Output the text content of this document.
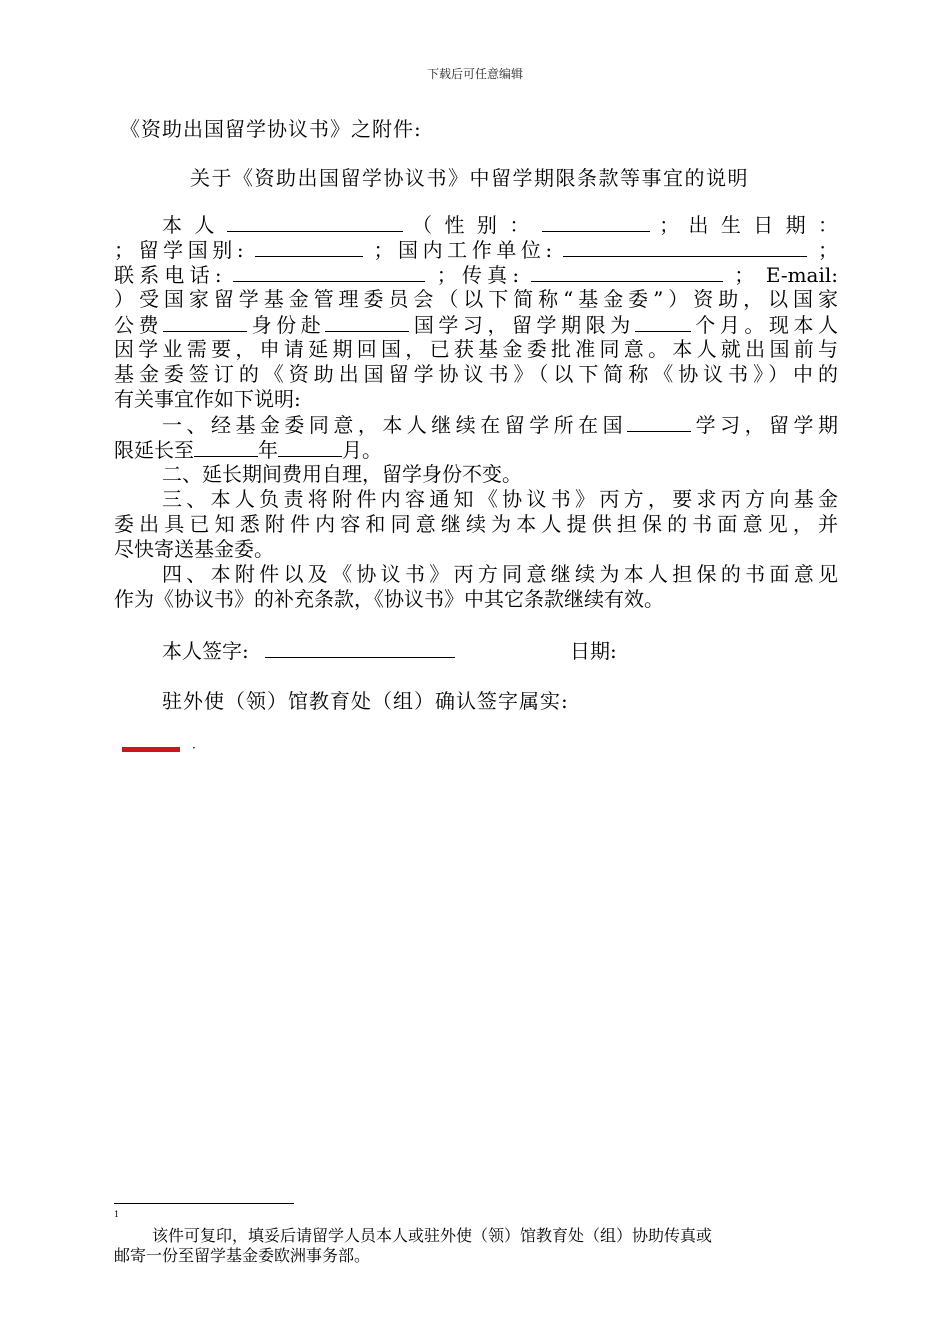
下载后可任意编辑
《资助出国留学协议书》之附件:
关于《资助出国留学协议书》中留学期限条款等事宜的说明
本 人	（ 性 别 ：	； 出 生 日 期 ：
；留学国别:	；国内工作单位:	；
联系电话:	；传真:	； E-mail:
）受国家留学基金管理委员会（以下简称“基金委”）资助，以国家
公费	身份赴	国学习，留学期限为	个月。现本人
因学业需要，申请延期回国，已获基金委批准同意。本人就出国前与
基金委签订的《资助出国留学协议书》（以下简称《协议书》）中的
有关事宜作如下说明:
一、经基金委同意，本人继续在留学所在国	学习，留学期
限延长至	年	月。
二、延长期间费用自理，留学身份不变。
三、本人负责将附件内容通知《协议书》丙方，要求丙方向基金
委出具已知悉附件内容和同意继续为本人提供担保的书面意见，并
尽快寄送基金委。
四、本附件以及《协议书》丙方同意继续为本人担保的书面意见
作为《协议书》的补充条款，《协议书》中其它条款继续有效。
本人签字:	日期:
驻外使（领）馆教育处（组）确认签字属实:
·
1
该件可复印，填妥后请留学人员本人或驻外使（领）馆教育处（组）协助传真或
邮寄一份至留学基金委欧洲事务部。
